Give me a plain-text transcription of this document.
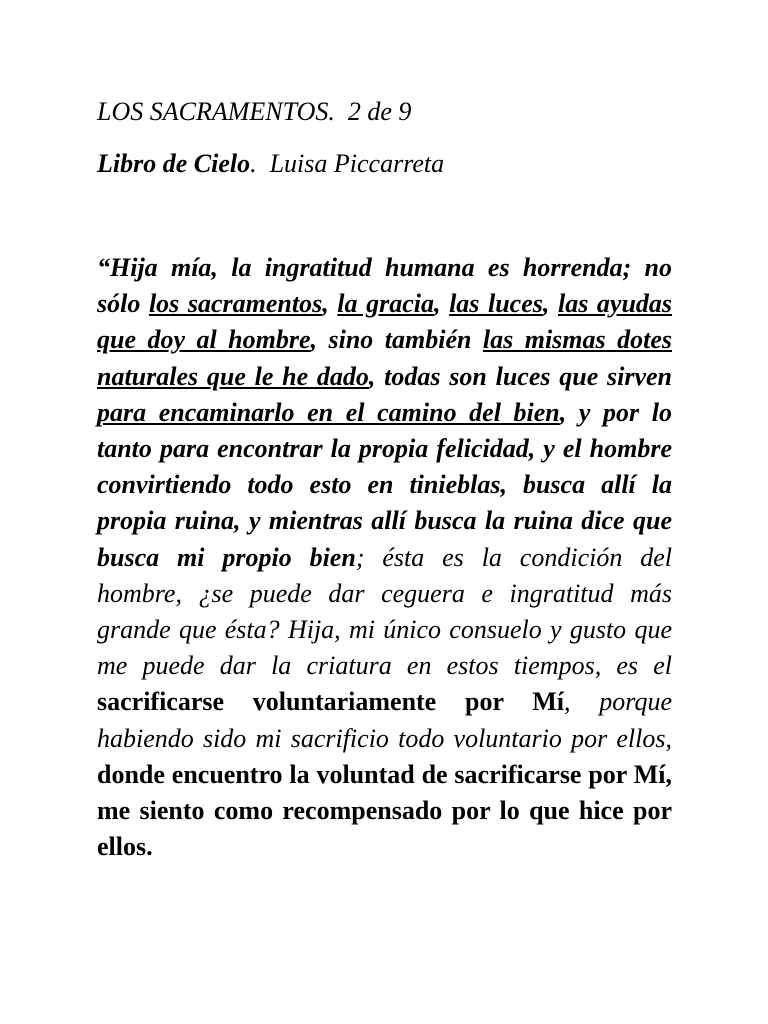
LOS SACRAMENTOS. 2 de 9
Libro de Cielo. Luisa Piccarreta
“Hija mía, la ingratitud humana es horrenda; no sólo los sacramentos, la gracia, las luces, las ayudas que doy al hombre, sino también las mismas dotes naturales que le he dado, todas son luces que sirven para encaminarlo en el camino del bien, y por lo tanto para encontrar la propia felicidad, y el hombre convirtiendo todo esto en tinieblas, busca allí la propia ruina, y mientras allí busca la ruina dice que busca mi propio bien; ésta es la condición del hombre, ¿se puede dar ceguera e ingratitud más grande que ésta? Hija, mi único consuelo y gusto que me puede dar la criatura en estos tiempos, es el sacrificarse voluntariamente por Mí, porque habiendo sido mi sacrificio todo voluntario por ellos, donde encuentro la voluntad de sacrificarse por Mí, me siento como recompensado por lo que hice por ellos.
